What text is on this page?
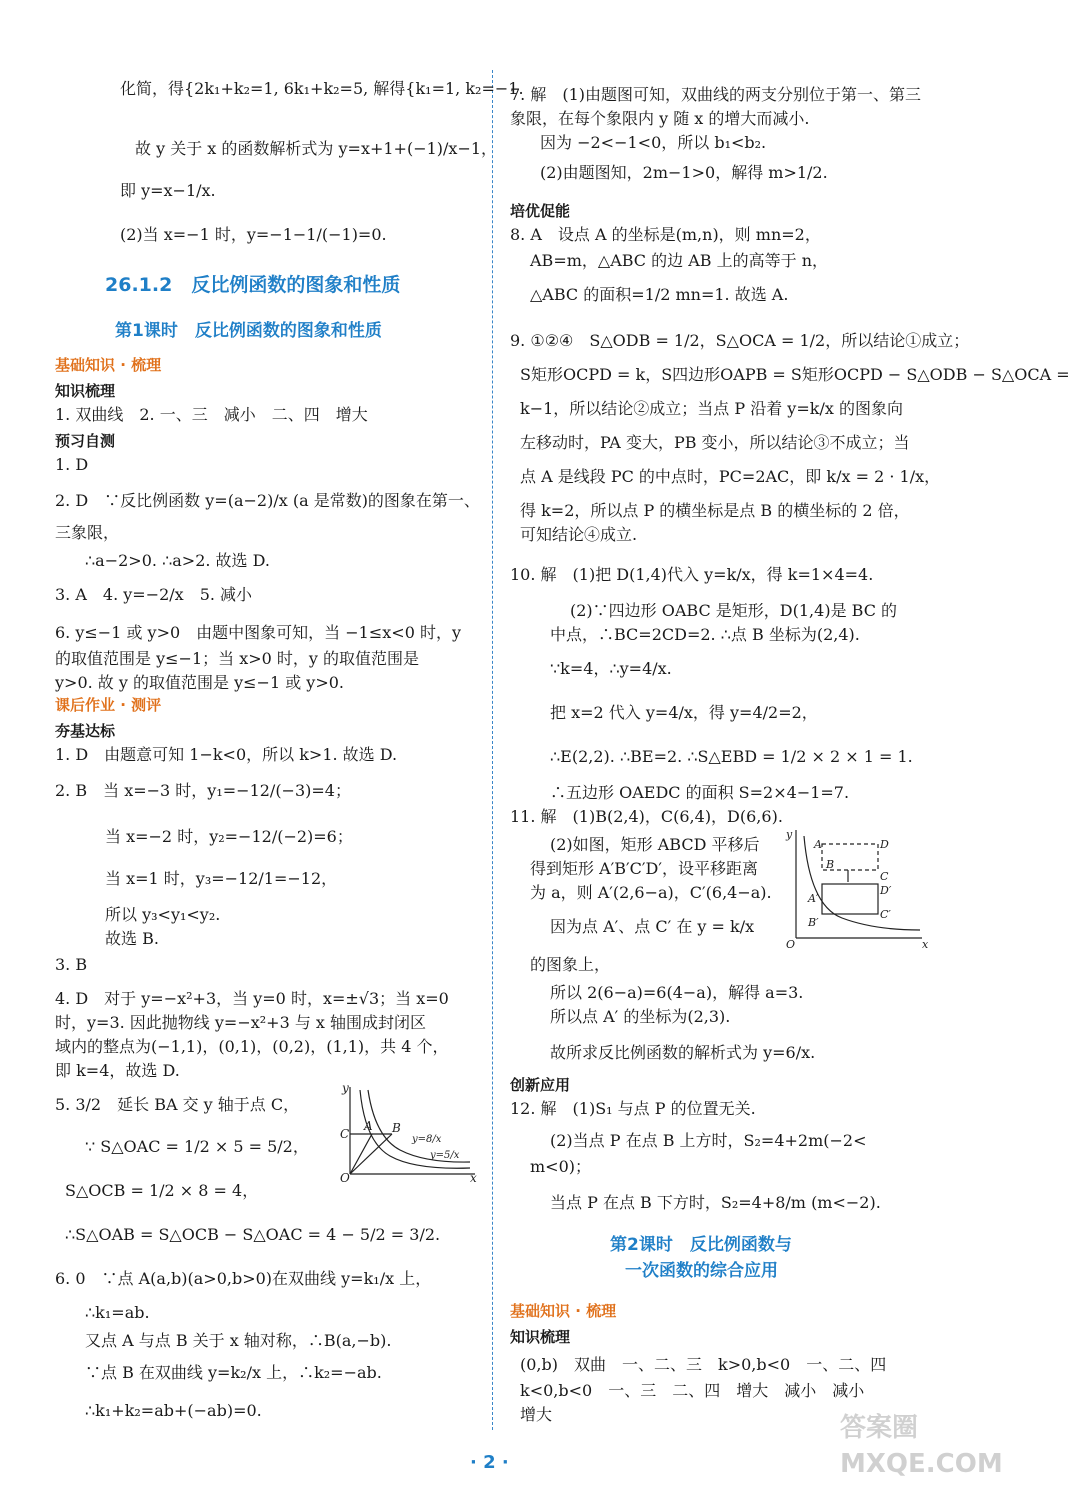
化简，得{2k₁+k₂=1, 6k₁+k₂=5, 解得{k₁=1, k₂=−1.
故 y 关于 x 的函数解析式为 y=x+1+(−1)/x−1，
即 y=x−1/x.
(2)当 x=−1 时，y=−1−1/(−1)=0.
26.1.2　反比例函数的图象和性质
第1课时　反比例函数的图象和性质
基础知识 · 梳理
知识梳理
1. 双曲线　2. 一、三　减小　二、四　增大
预习自测
1. D
2. D　∵反比例函数 y=(a−2)/x (a 是常数)的图象在第一、
三象限，
∴a−2>0. ∴a>2. 故选 D.
3. A　4. y=−2/x　5. 减小
6. y≤−1 或 y>0　由题中图象可知，当 −1≤x<0 时，y
的取值范围是 y≤−1；当 x>0 时，y 的取值范围是
y>0. 故 y 的取值范围是 y≤−1 或 y>0.
课后作业 · 测评
夯基达标
1. D　由题意可知 1−k<0，所以 k>1. 故选 D.
2. B　当 x=−3 时，y₁=−12/(−3)=4；
当 x=−2 时，y₂=−12/(−2)=6；
当 x=1 时，y₃=−12/1=−12，
所以 y₃<y₁<y₂.
故选 B.
3. B
4. D　对于 y=−x²+3，当 y=0 时，x=±√3；当 x=0
时，y=3. 因此抛物线 y=−x²+3 与 x 轴围成封闭区
域内的整点为(−1,1)，(0,1)，(0,2)，(1,1)，共 4 个，
即 k=4，故选 D.
5. 3/2　延长 BA 交 y 轴于点 C，
∵ S△OAC = 1/2 × 5 = 5/2，
S△OCB = 1/2 × 8 = 4，
∴S△OAB = S△OCB − S△OAC = 4 − 5/2 = 3/2.
y
x
O
C
A B
y=8/x
y=5/x
6. 0　∵点 A(a,b)(a>0,b>0)在双曲线 y=k₁/x 上，
∴k₁=ab.
又点 A 与点 B 关于 x 轴对称，∴B(a,−b).
∵点 B 在双曲线 y=k₂/x 上，∴k₂=−ab.
∴k₁+k₂=ab+(−ab)=0.
7. 解　(1)由题图可知，双曲线的两支分别位于第一、第三
象限，在每个象限内 y 随 x 的增大而减小.
因为 −2<−1<0，所以 b₁<b₂.
(2)由题图知，2m−1>0，解得 m>1/2.
培优促能
8. A　设点 A 的坐标是(m,n)，则 mn=2，
AB=m，△ABC 的边 AB 上的高等于 n，
△ABC 的面积=1/2 mn=1. 故选 A.
9. ①②④　S△ODB = 1/2，S△OCA = 1/2，所以结论①成立；
S矩形OCPD = k，S四边形OAPB = S矩形OCPD − S△ODB − S△OCA =
k−1，所以结论②成立；当点 P 沿着 y=k/x 的图象向
左移动时，PA 变大，PB 变小，所以结论③不成立；当
点 A 是线段 PC 的中点时，PC=2AC，即 k/x = 2 · 1/x，
得 k=2，所以点 P 的横坐标是点 B 的横坐标的 2 倍，
可知结论④成立.
10. 解　(1)把 D(1,4)代入 y=k/x，得 k=1×4=4.
(2)∵四边形 OABC 是矩形，D(1,4)是 BC 的
中点，∴BC=2CD=2. ∴点 B 坐标为(2,4).
∵k=4，∴y=4/x.
把 x=2 代入 y=4/x，得 y=4/2=2，
∴E(2,2). ∴BE=2. ∴S△EBD = 1/2 × 2 × 1 = 1.
∴五边形 OAEDC 的面积 S=2×4−1=7.
11. 解　(1)B(2,4)，C(6,4)，D(6,6).
(2)如图，矩形 ABCD 平移后
得到矩形 A′B′C′D′，设平移距离
为 a，则 A′(2,6−a)，C′(6,4−a).
因为点 A′、点 C′ 在 y = k/x
的图象上，
y
x
O
A
B
C
D
A′
B′
C′
D′
所以 2(6−a)=6(4−a)，解得 a=3.
所以点 A′ 的坐标为(2,3).
故所求反比例函数的解析式为 y=6/x.
创新应用
12. 解　(1)S₁ 与点 P 的位置无关.
(2)当点 P 在点 B 上方时，S₂=4+2m(−2<
m<0)；
当点 P 在点 B 下方时，S₂=4+8/m (m<−2).
第2课时　反比例函数与
一次函数的综合应用
基础知识 · 梳理
知识梳理
(0,b)　双曲　一、二、三　k>0,b<0　一、二、四
k<0,b<0　一、三　二、四　增大　减小　减小
增大
· 2 ·
答案圈 MXQE.COM
